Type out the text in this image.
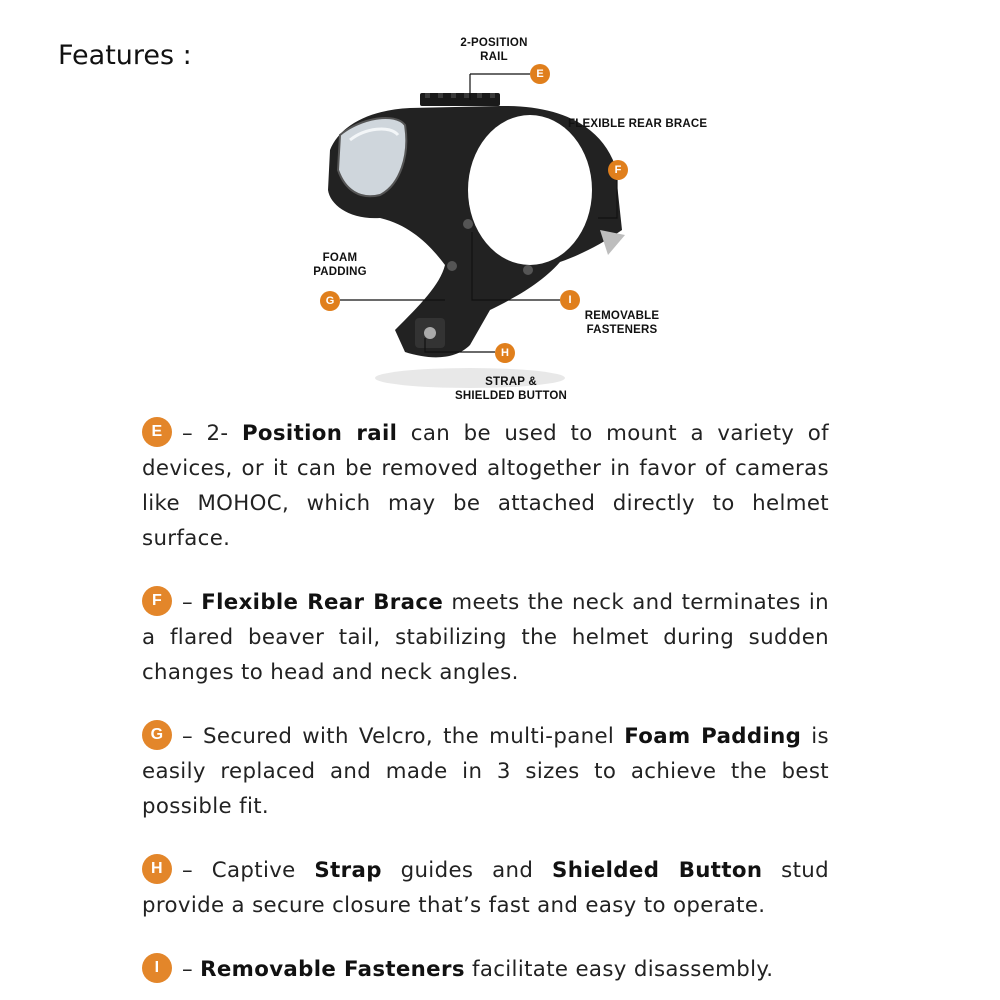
Features :	2-POSITION
RAIL
FLEXIBLE REAR BRACE
FOAM
PADDING
REMOVABLE
FASTENERS
STRAP &
SHIELDED BUTTON
E
F
G	I
H
E – 2- Position rail can be used to mount a variety of devices, or it can be removed altogether in favor of cameras like MOHOC, which may be attached directly to helmet surface.
F – Flexible Rear Brace meets the neck and terminates in a flared beaver tail, stabilizing the helmet during sudden changes to head and neck angles.
G – Secured with Velcro, the multi-panel Foam Padding is easily replaced and made in 3 sizes to achieve the best possible fit.
H – Captive Strap guides and Shielded Button stud provide a secure closure that’s fast and easy to operate.
I – Removable Fasteners facilitate easy disassembly.
